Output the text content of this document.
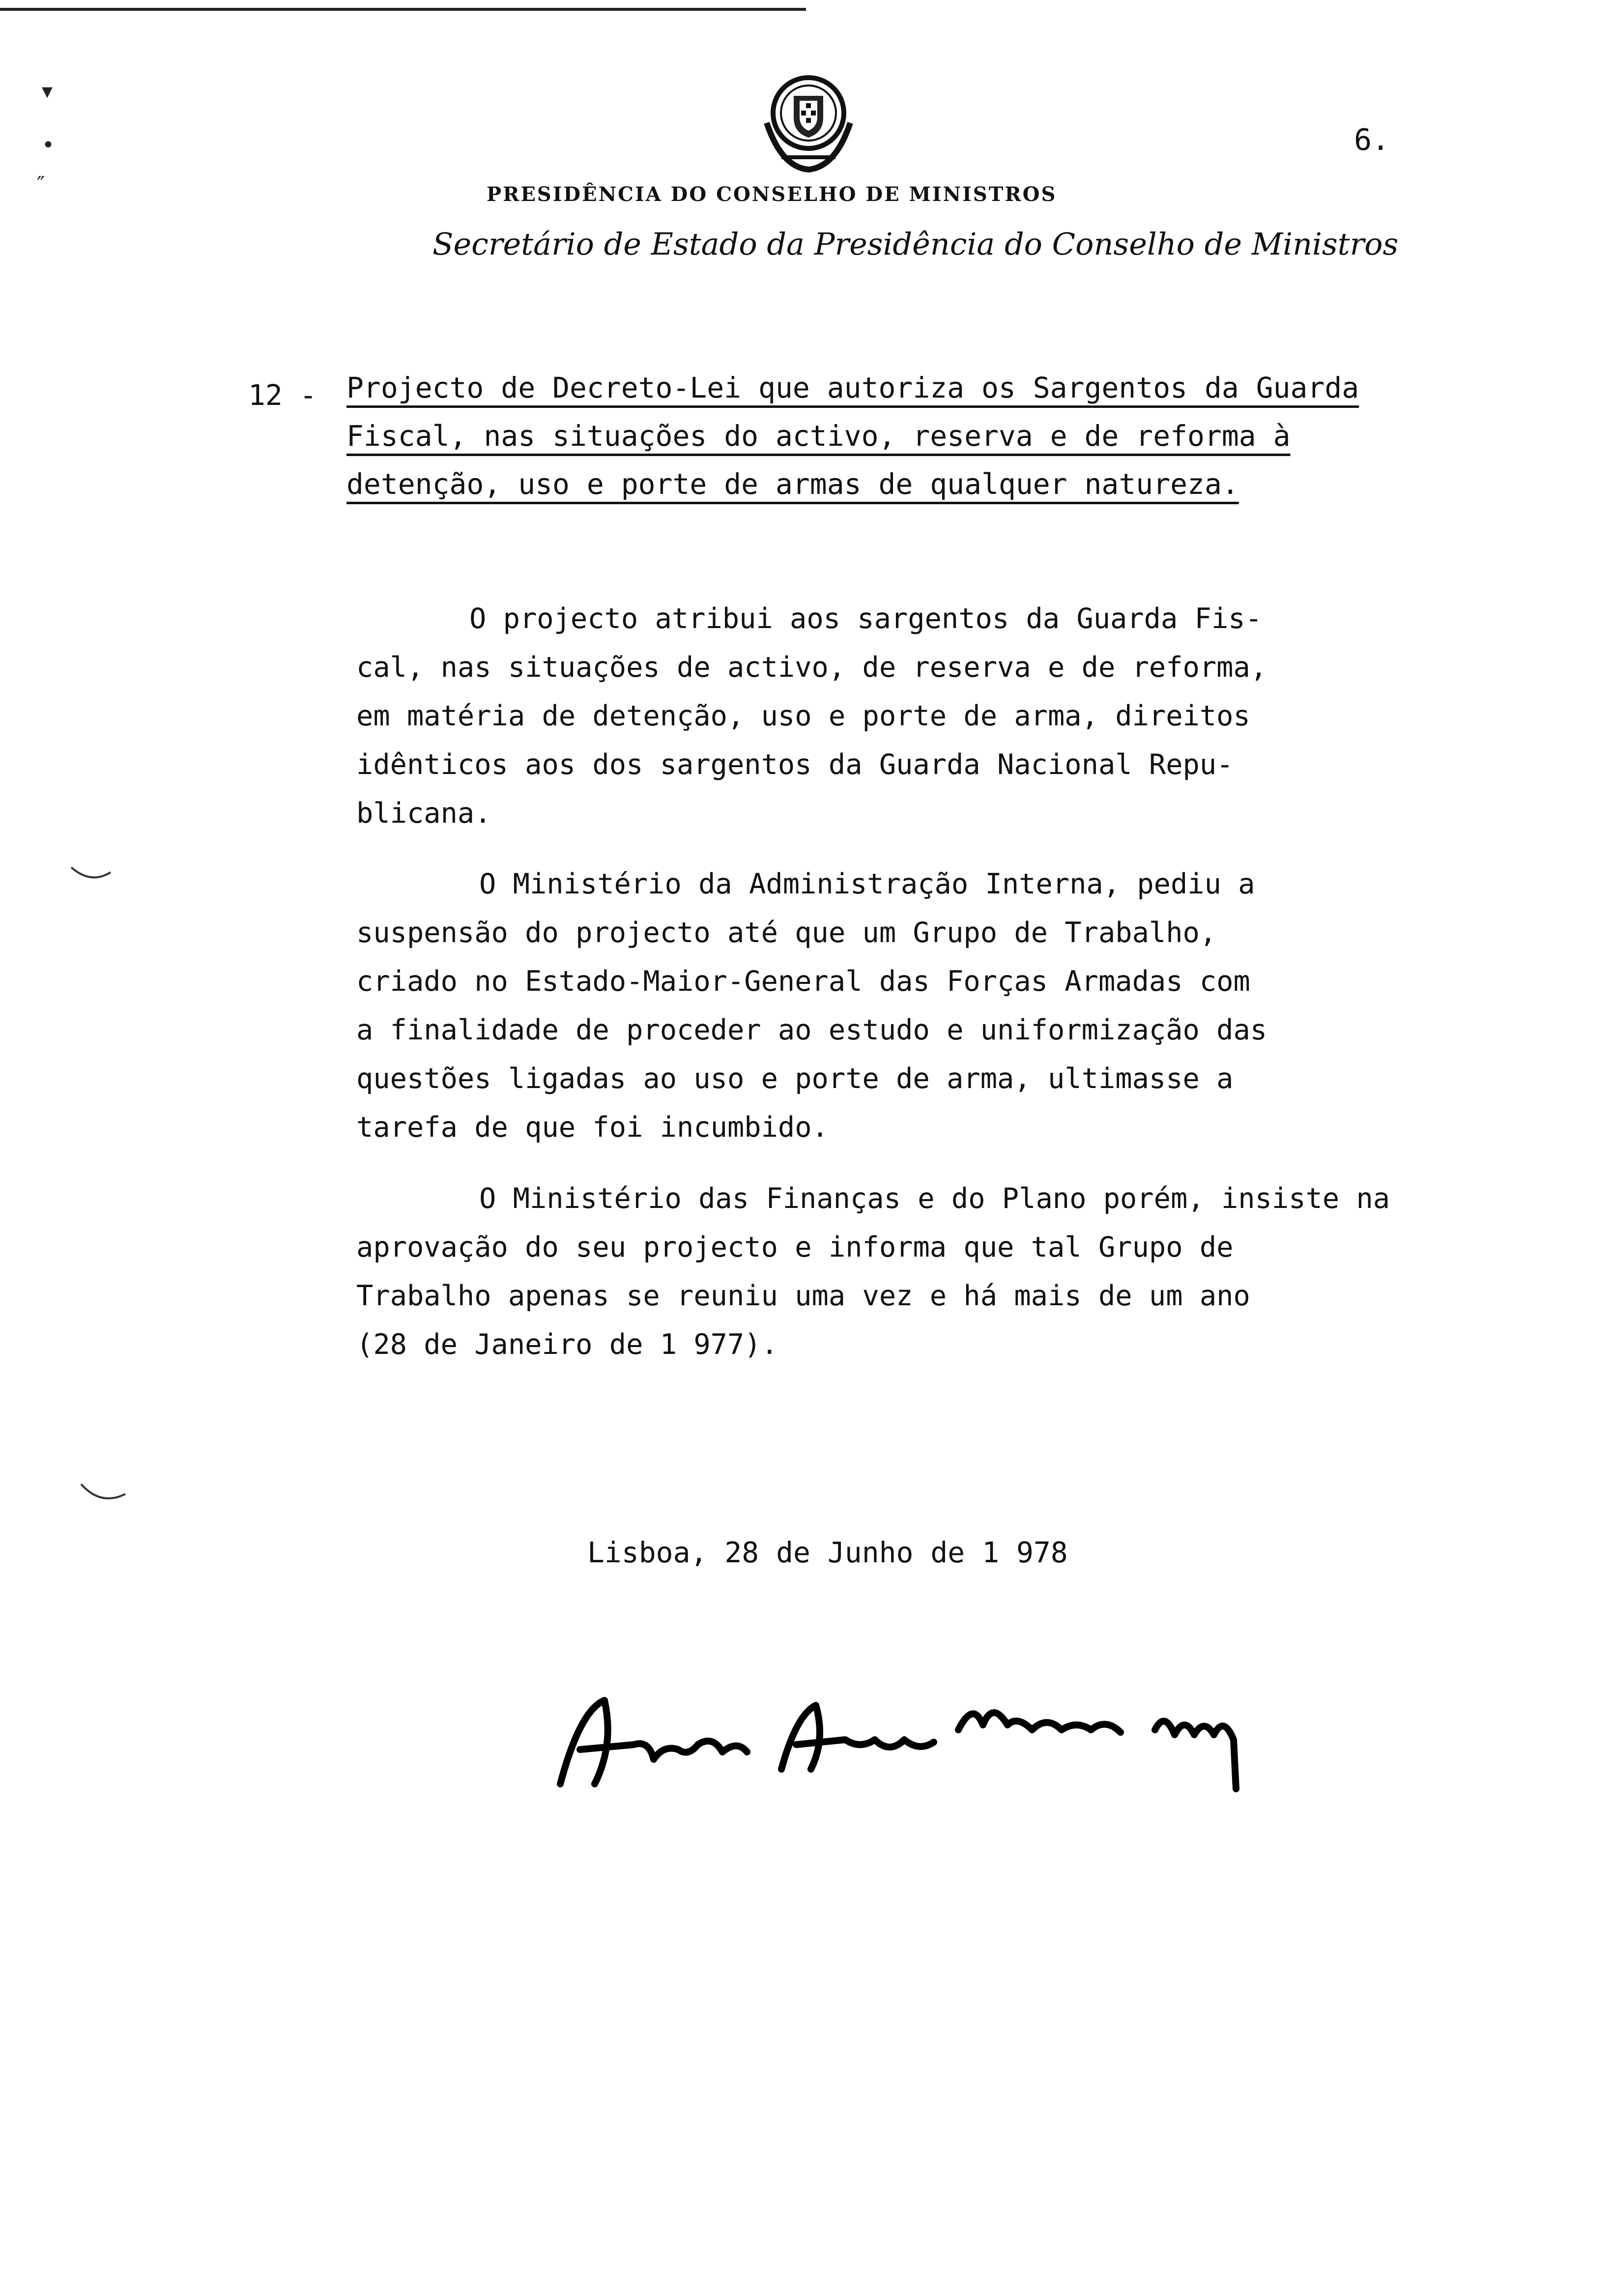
6.
▾
•
″	PRESIDÊNCIA DO CONSELHO DE MINISTROS
Secretário de Estado da Presidência do Conselho de Ministros
12 - Projecto de Decreto-Lei que autoriza os Sargentos da Guarda Fiscal, nas situações do activo, reserva e de reforma à detenção, uso e porte de armas de qualquer natureza.

O projecto atribui aos sargentos da Guarda Fis-
cal, nas situações de activo, de reserva e de reforma,
em matéria de detenção, uso e porte de arma, direitos
idênticos aos dos sargentos da Guarda Nacional Repu-
blicana.

O Ministério da Administração Interna, pediu a
suspensão do projecto até que um Grupo de Trabalho,
criado no Estado-Maior-General das Forças Armadas com
a finalidade de proceder ao estudo e uniformização das
questões ligadas ao uso e porte de arma, ultimasse a
tarefa de que foi incumbido.

O Ministério das Finanças e do Plano porém, insiste na
aprovação do seu projecto e informa que tal Grupo de
Trabalho apenas se reuniu uma vez e há mais de um ano
(28 de Janeiro de 1 977).

Lisboa, 28 de Junho de 1 978
